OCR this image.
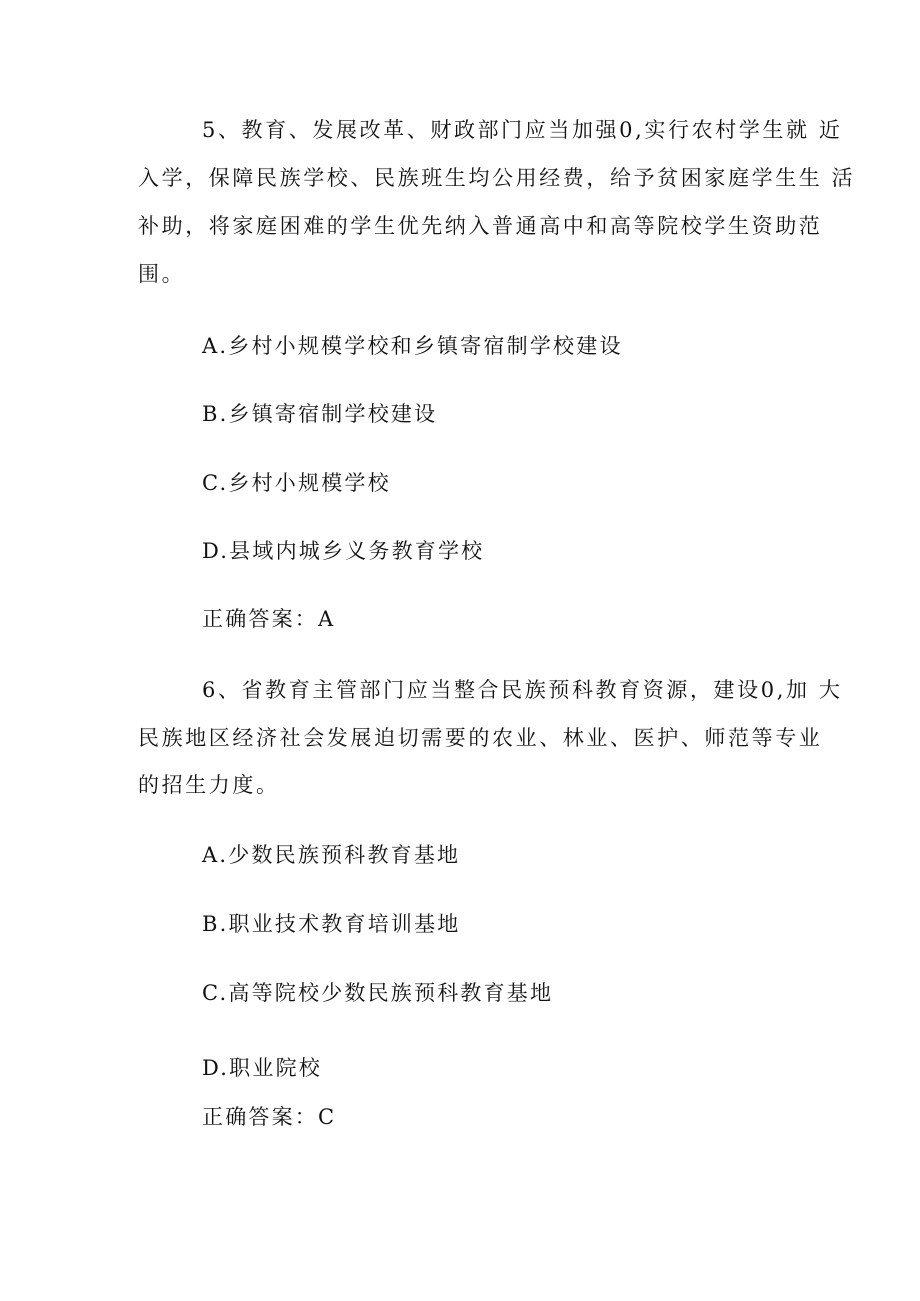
5、教育、发展改革、财政部门应当加强0,实行农村学生就 近
入学，保障民族学校、民族班生均公用经费，给予贫困家庭学生生 活
补助，将家庭困难的学生优先纳入普通高中和高等院校学生资助范
围。
A.乡村小规模学校和乡镇寄宿制学校建设
B.乡镇寄宿制学校建设
C.乡村小规模学校
D.县域内城乡义务教育学校
正确答案：A
6、省教育主管部门应当整合民族预科教育资源，建设0,加 大
民族地区经济社会发展迫切需要的农业、林业、医护、师范等专业
的招生力度。
A.少数民族预科教育基地
B.职业技术教育培训基地
C.高等院校少数民族预科教育基地
D.职业院校
正确答案：C
